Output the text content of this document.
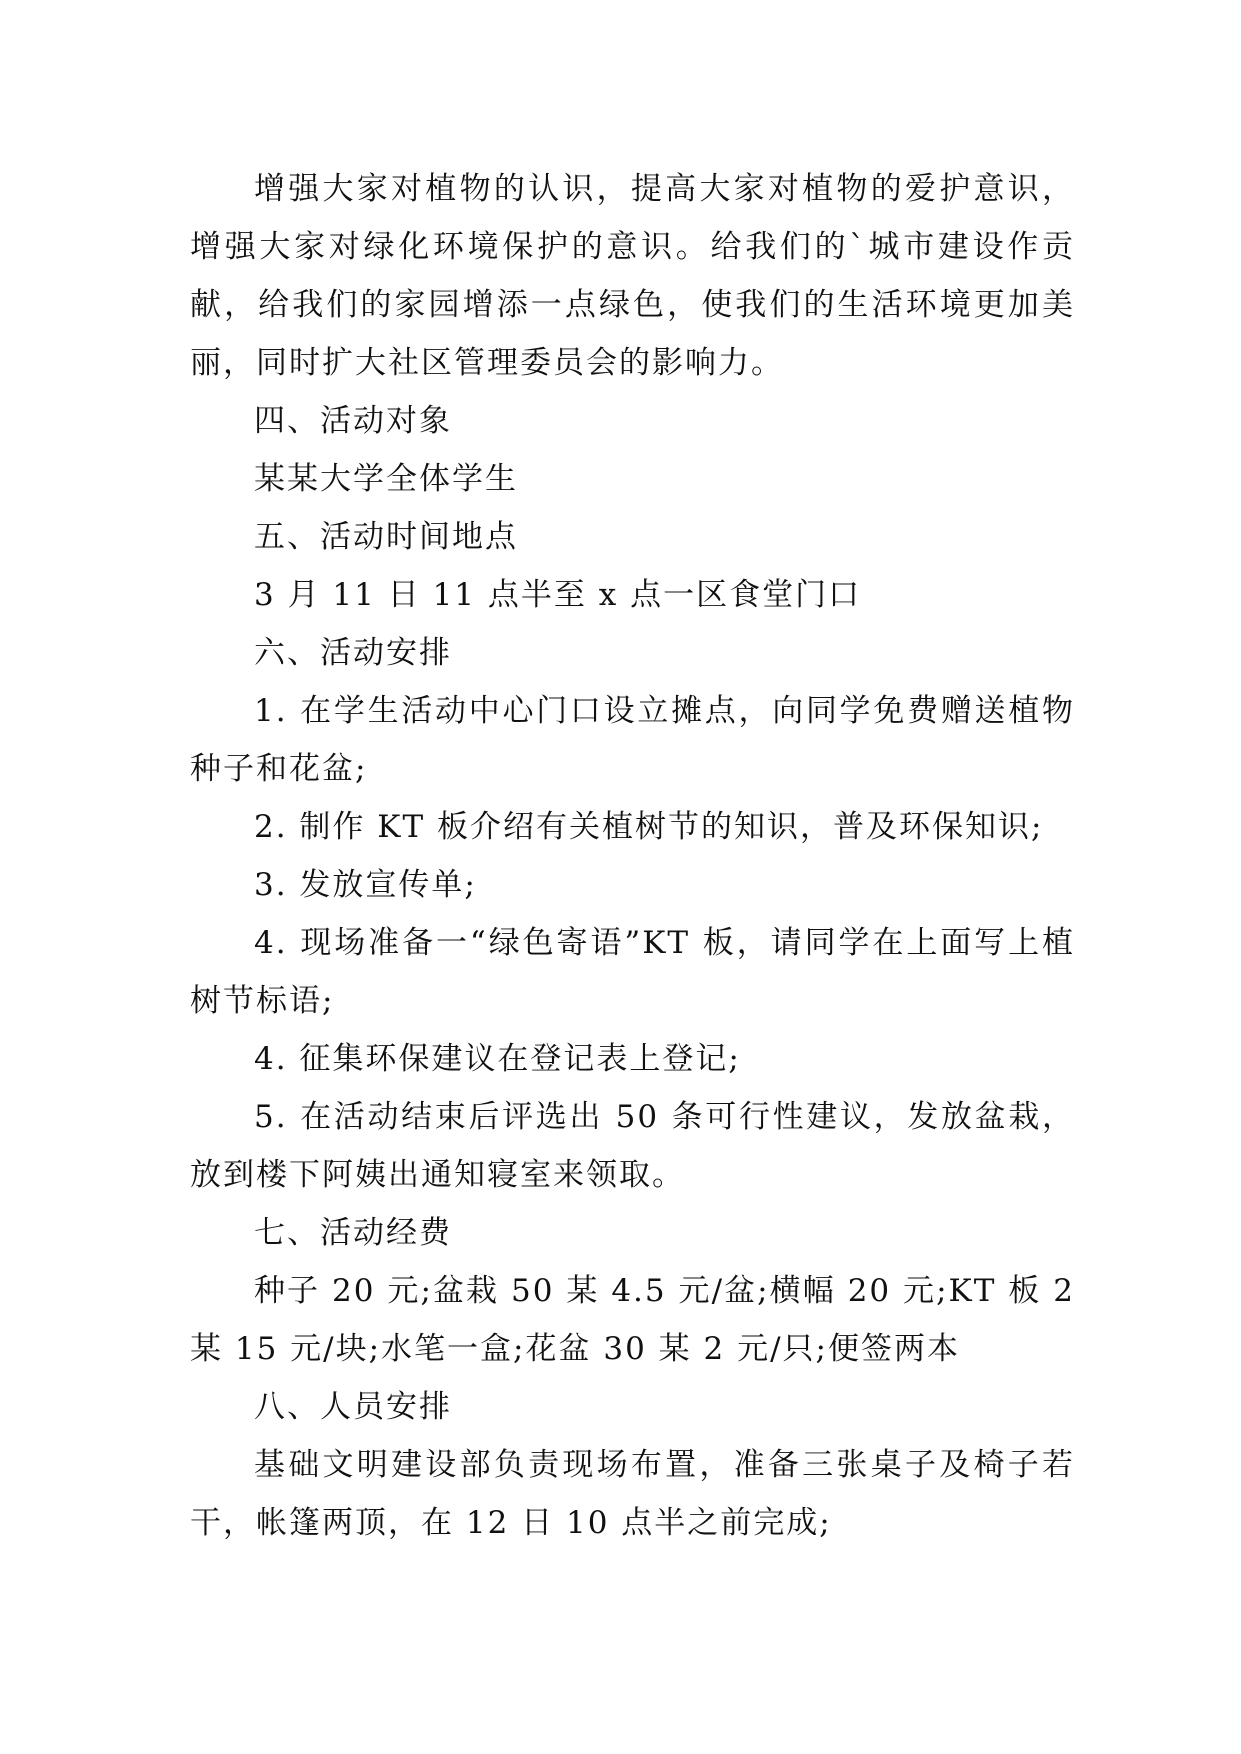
增强大家对植物的认识，提高大家对植物的爱护意识，增强大家对绿化环境保护的意识。给我们的`城市建设作贡献，给我们的家园增添一点绿色，使我们的生活环境更加美丽，同时扩大社区管理委员会的影响力。

四、活动对象

某某大学全体学生

五、活动时间地点

3 月 11 日 11 点半至 x 点一区食堂门口

六、活动安排

1. 在学生活动中心门口设立摊点，向同学免费赠送植物种子和花盆;

2. 制作 KT 板介绍有关植树节的知识，普及环保知识;

3. 发放宣传单;

4. 现场准备一“绿色寄语”KT 板，请同学在上面写上植树节标语;

4. 征集环保建议在登记表上登记;

5. 在活动结束后评选出 50 条可行性建议，发放盆栽，放到楼下阿姨出通知寝室来领取。

七、活动经费

种子 20 元;盆栽 50 某 4.5 元/盆;横幅 20 元;KT 板 2 某 15 元/块;水笔一盒;花盆 30 某 2 元/只;便签两本

八、人员安排

基础文明建设部负责现场布置，准备三张桌子及椅子若干，帐篷两顶，在 12 日 10 点半之前完成;
